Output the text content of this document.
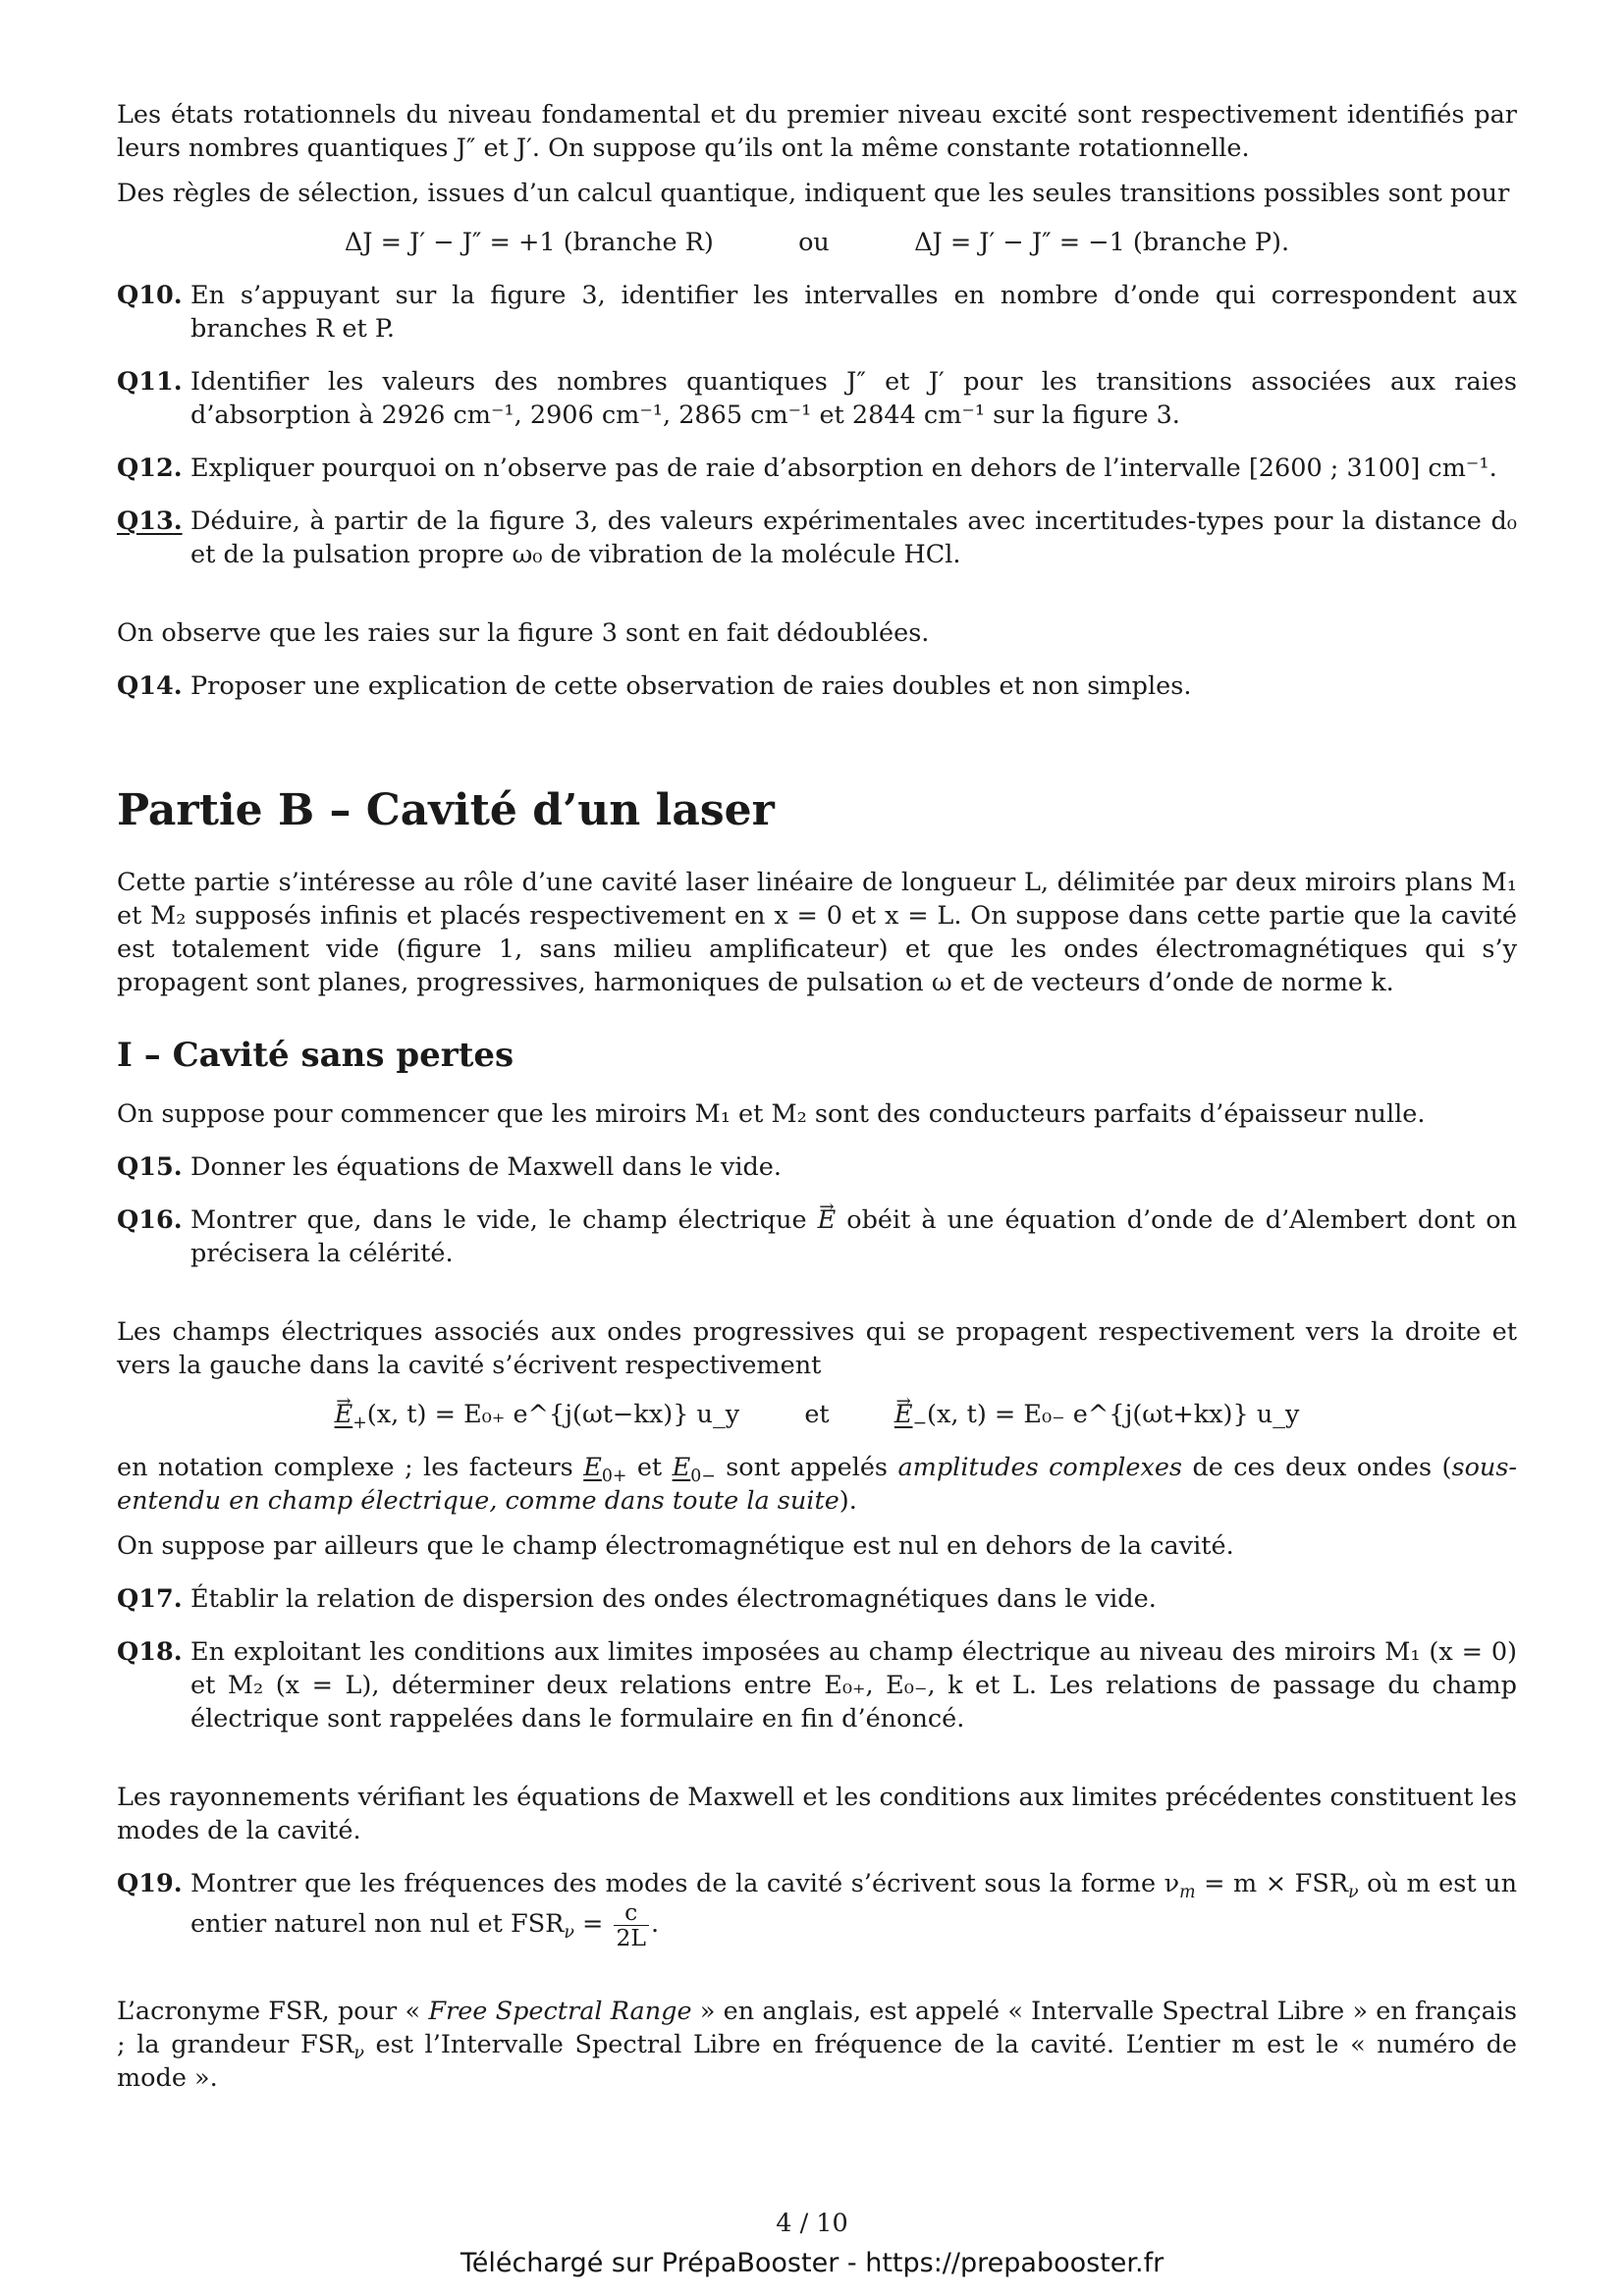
Les états rotationnels du niveau fondamental et du premier niveau excité sont respectivement identifiés par leurs nombres quantiques J″ et J′. On suppose qu’ils ont la même constante rotationnelle.

Des règles de sélection, issues d’un calcul quantique, indiquent que les seules transitions possibles sont pour

ΔJ = J′ − J″ = +1 (branche R)	ou	ΔJ = J′ − J″ = −1 (branche P).
Q10. En s’appuyant sur la figure 3, identifier les intervalles en nombre d’onde qui correspondent aux branches R et P.
Q11. Identifier les valeurs des nombres quantiques J″ et J′ pour les transitions associées aux raies d’absorption à 2926 cm⁻¹, 2906 cm⁻¹, 2865 cm⁻¹ et 2844 cm⁻¹ sur la figure 3.
Q12. Expliquer pourquoi on n’observe pas de raie d’absorption en dehors de l’intervalle [2600 ; 3100] cm⁻¹.
Q13. Déduire, à partir de la figure 3, des valeurs expérimentales avec incertitudes-types pour la distance d₀ et de la pulsation propre ω₀ de vibration de la molécule HCl.

On observe que les raies sur la figure 3 sont en fait dédoublées.

Q14. Proposer une explication de cette observation de raies doubles et non simples.
Partie B – Cavité d’un laser

Cette partie s’intéresse au rôle d’une cavité laser linéaire de longueur L, délimitée par deux miroirs plans M₁ et M₂ supposés infinis et placés respectivement en x = 0 et x = L. On suppose dans cette partie que la cavité est totalement vide (figure 1, sans milieu amplificateur) et que les ondes électromagnétiques qui s’y propagent sont planes, progressives, harmoniques de pulsation ω et de vecteurs d’onde de norme k.

I – Cavité sans pertes

On suppose pour commencer que les miroirs M₁ et M₂ sont des conducteurs parfaits d’épaisseur nulle.

Q15. Donner les équations de Maxwell dans le vide.
Q16. Montrer que, dans le vide, le champ électrique → E obéit à une équation d’onde de d’Alembert dont on précisera la célérité.

Les champs électriques associés aux ondes progressives qui se propagent respectivement vers la droite et vers la gauche dans la cavité s’écrivent respectivement

→ $E_+(x$, t) = E₀₊ e^{j(ωt−kx)} u_y	et	→ $E_-(x$, t) = E₀₋ e^{j(ωt+kx)} u_y

en notation complexe ; les facteurs $E_{0+}$ et $E_{0-}$ sont appelés amplitudes complexes de ces deux ondes (sous-entendu en champ électrique, comme dans toute la suite).

On suppose par ailleurs que le champ électromagnétique est nul en dehors de la cavité.

Q17. Établir la relation de dispersion des ondes électromagnétiques dans le vide.
Q18. En exploitant les conditions aux limites imposées au champ électrique au niveau des miroirs M₁ (x = 0) et M₂ (x = L), déterminer deux relations entre E₀₊, E₀₋, k et L. Les relations de passage du champ électrique sont rappelées dans le formulaire en fin d’énoncé.

Les rayonnements vérifiant les équations de Maxwell et les conditions aux limites précédentes constituent les modes de la cavité.

Q19. Montrer que les fréquences des modes de la cavité s’écrivent sous la forme $\nu_m = m \times FSR_\nu$ où m est un entier naturel non nul et $FSR_\nu = \frac{c}{2L}$ .

L’acronyme FSR, pour « Free Spectral Range » en anglais, est appelé « Intervalle Spectral Libre » en français ; la grandeur $FSR_\nu$ est l’Intervalle Spectral Libre en fréquence de la cavité. L’entier m est le « numéro de mode ».

4 / 10
Téléchargé sur PrépaBooster - https://prepabooster.fr
